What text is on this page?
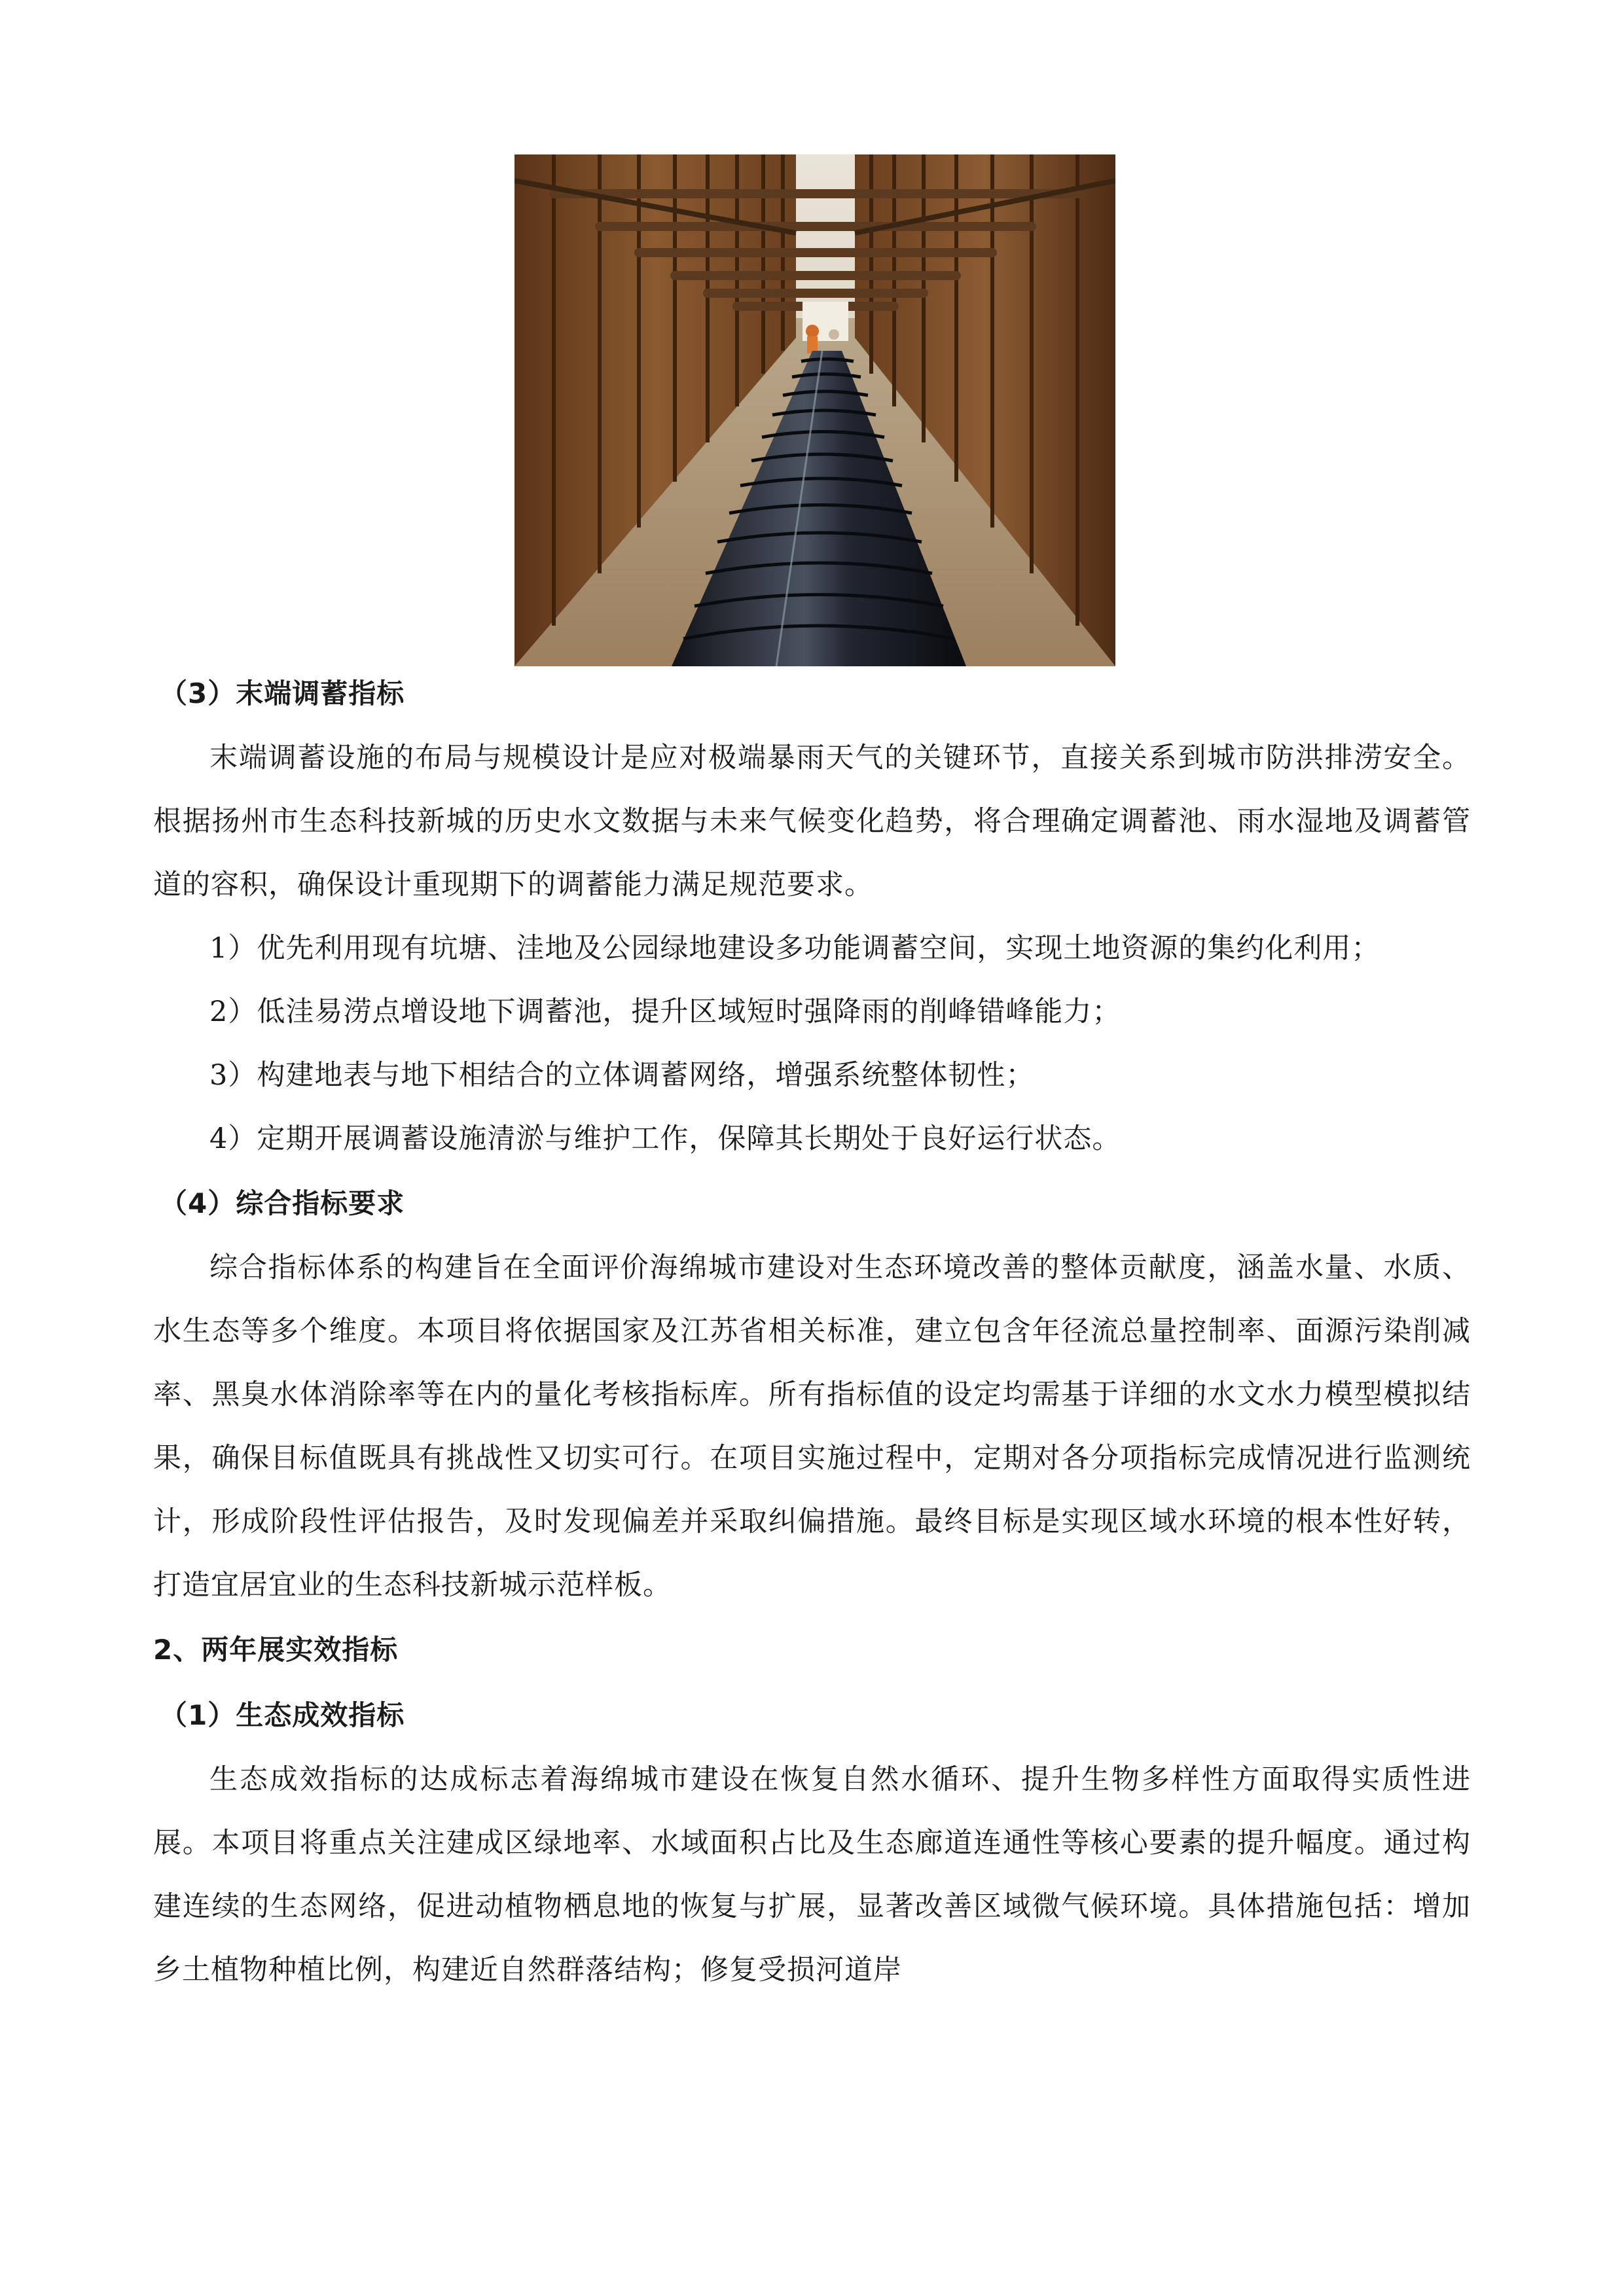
（3）末端调蓄指标

末端调蓄设施的布局与规模设计是应对极端暴雨天气的关键环节，直接关系到城市防洪排涝安全。根据扬州市生态科技新城的历史水文数据与未来气候变化趋势，将合理确定调蓄池、雨水湿地及调蓄管道的容积，确保设计重现期下的调蓄能力满足规范要求。

1）优先利用现有坑塘、洼地及公园绿地建设多功能调蓄空间，实现土地资源的集约化利用；

2）低洼易涝点增设地下调蓄池，提升区域短时强降雨的削峰错峰能力；

3）构建地表与地下相结合的立体调蓄网络，增强系统整体韧性；

4）定期开展调蓄设施清淤与维护工作，保障其长期处于良好运行状态。

（4）综合指标要求

综合指标体系的构建旨在全面评价海绵城市建设对生态环境改善的整体贡献度，涵盖水量、水质、水生态等多个维度。本项目将依据国家及江苏省相关标准，建立包含年径流总量控制率、面源污染削减率、黑臭水体消除率等在内的量化考核指标库。所有指标值的设定均需基于详细的水文水力模型模拟结果，确保目标值既具有挑战性又切实可行。在项目实施过程中，定期对各分项指标完成情况进行监测统计，形成阶段性评估报告，及时发现偏差并采取纠偏措施。最终目标是实现区域水环境的根本性好转，打造宜居宜业的生态科技新城示范样板。

2、两年展实效指标

（1）生态成效指标

生态成效指标的达成标志着海绵城市建设在恢复自然水循环、提升生物多样性方面取得实质性进展。本项目将重点关注建成区绿地率、水域面积占比及生态廊道连通性等核心要素的提升幅度。通过构建连续的生态网络，促进动植物栖息地的恢复与扩展，显著改善区域微气候环境。具体措施包括：增加乡土植物种植比例，构建近自然群落结构；修复受损河道岸
